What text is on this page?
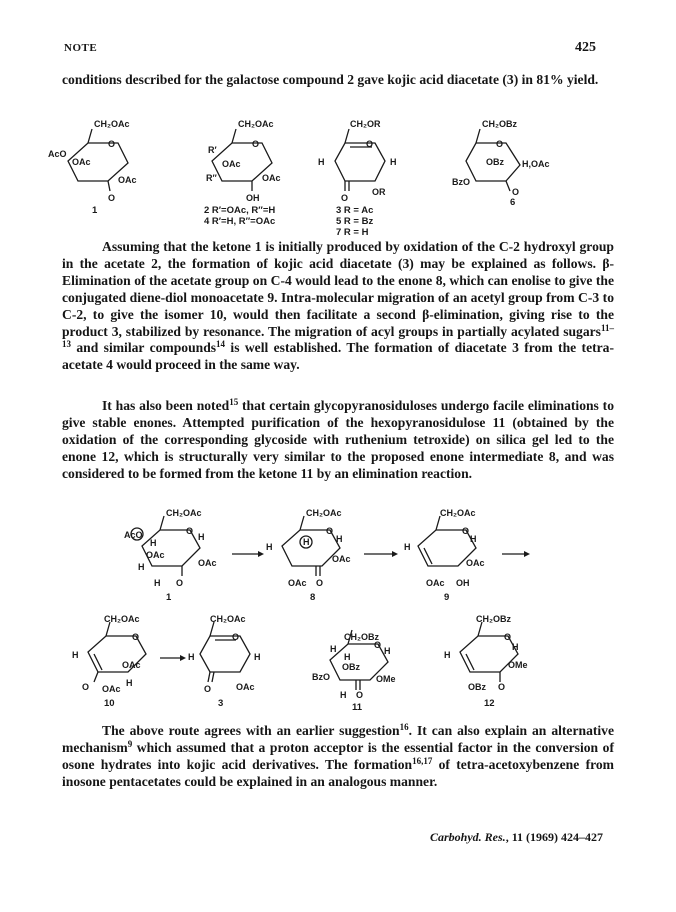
NOTE	425
conditions described for the galactose compound 2 gave kojic acid diacetate (3) in 81% yield.
CH₂OAc
O
AcO
OAc
OAc
O
1
CH₂OAc
O
R′
R″
OAc
OAc
OH
2 R′=OAc, R″=H
4 R′=H, R″=OAc
CH₂OR
O
H	H
O
OR
3 R = Ac
5 R = Bz
7 R = H
CH₂OBz
O
OBz H,OAc
BzO
O
6
Assuming that the ketone 1 is initially produced by oxidation of the C-2 hydroxyl group in the acetate 2, the formation of kojic acid diacetate (3) may be explained as follows. β-Elimination of the acetate group on C-4 would lead to the enone 8, which can enolise to give the conjugated diene-diol monoacetate 9. Intra-molecular migration of an acetyl group from C-3 to C-2, to give the isomer 10, would then facilitate a second β-elimination, giving rise to the product 3, stabilized by resonance. The migration of acyl groups in partially acylated sugars$^{11-13}$ and similar compounds$^{14}$ is well established. The formation of diacetate 3 from the tetra-acetate 4 would proceed in the same way.
It has also been noted$^{15}$ that certain glycopyranosiduloses undergo facile eliminations to give stable enones. Attempted purification of the hexopyranosidulose 11 (obtained by the oxidation of the corresponding glycoside with ruthenium tetroxide) on silica gel led to the enone 12, which is structurally very similar to the proposed enone intermediate 8, and was considered to be formed from the ketone 11 by an elimination reaction.
CH₂OAc
O
AcO	H
H
OAc
H	OAc
O
H
1
CH₂OAc
O
H	H	H
OAc
OAc O
8
CH₂OAc
O
H
H
OAc
OAc OH
9
CH₂OAc
O
H
OAc
O OAc
H
10
CH₂OAc
O
H	H
O	OAc
3
CH₂OBz
O
H	H
H
OBz
BzO	OMe
H O
11
CH₂OBz
O
H
H
OMe
OBz O
12
The above route agrees with an earlier suggestion$^{16}$. It can also explain an alternative mechanism$^9$ which assumed that a proton acceptor is the essential factor in the conversion of osone hydrates into kojic acid derivatives. The formation$^{16,17}$ of tetra-acetoxybenzene from inosone pentacetates could be explained in an analogous manner.
Carbohyd. Res., 11 (1969) 424–427
